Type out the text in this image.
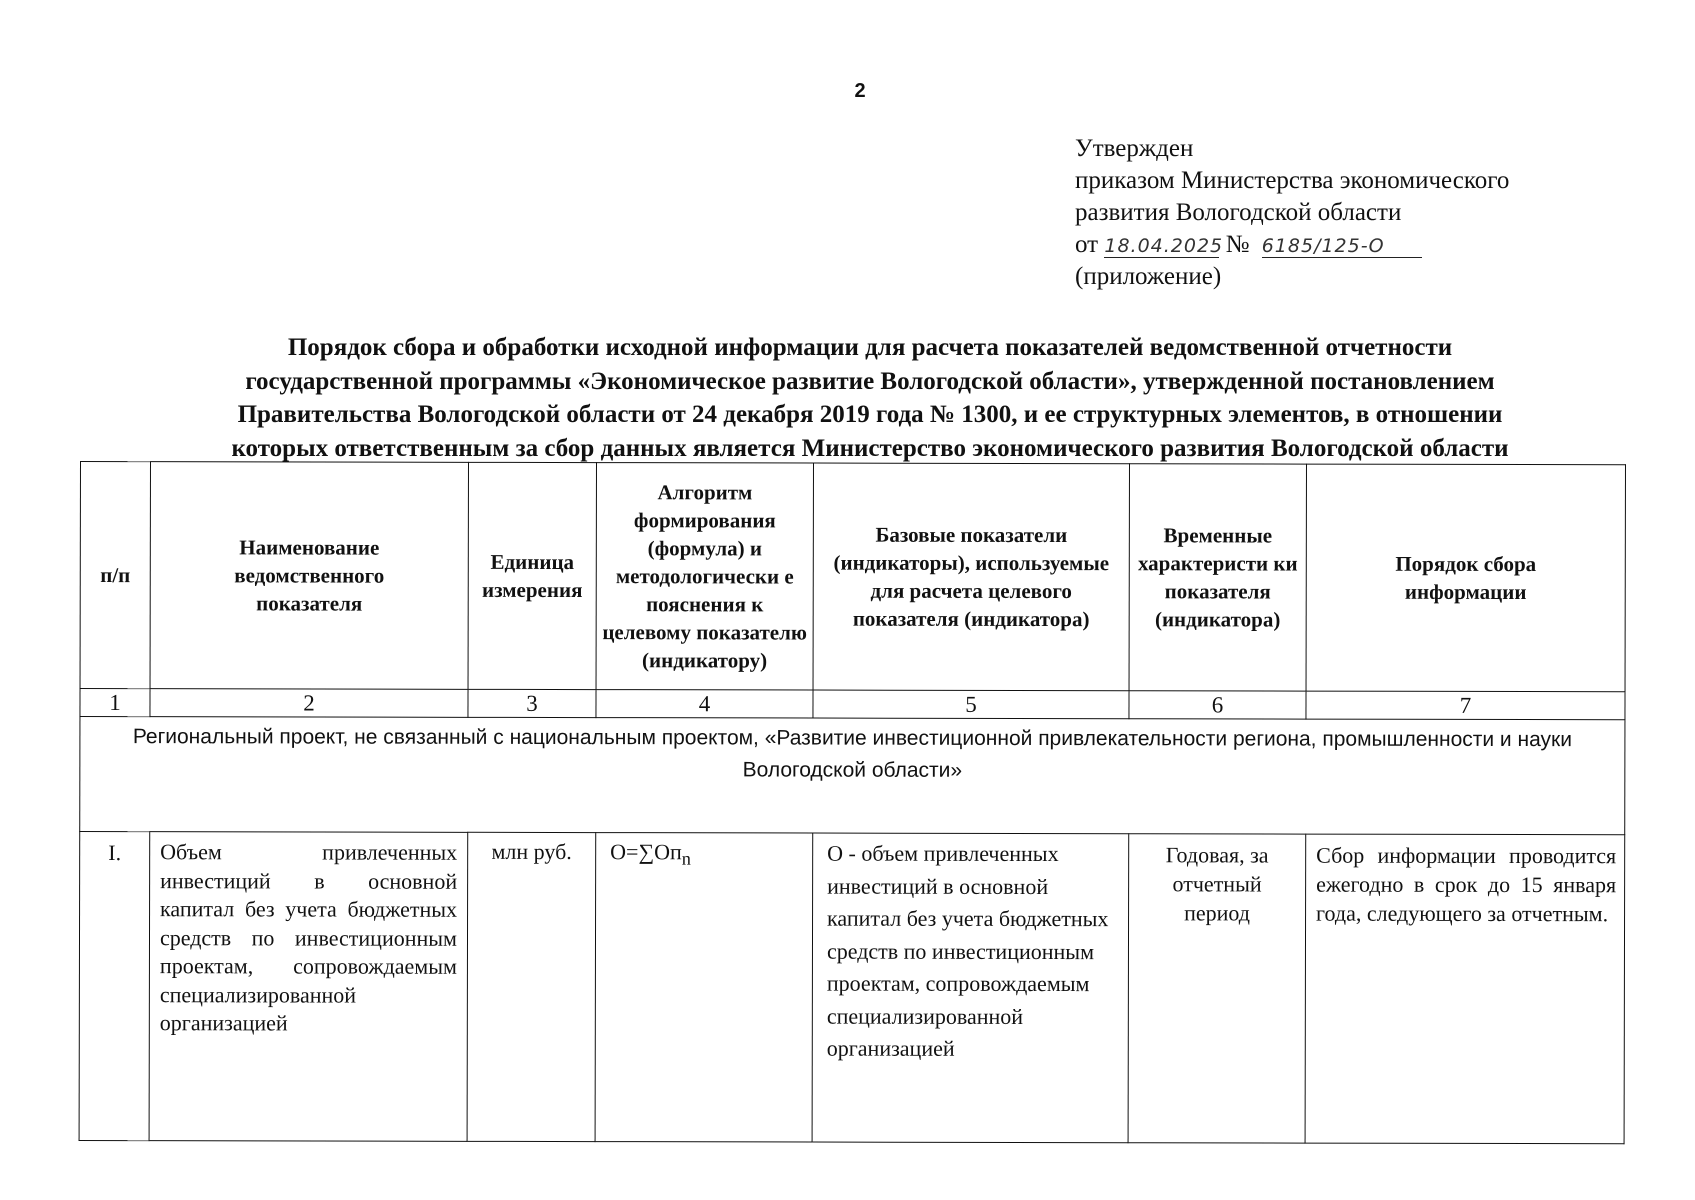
2
Утвержден
приказом Министерства экономического
развития Вологодской области
от 18.04.2025 № 6185/125-О
(приложение)
Порядок сбора и обработки исходной информации для расчета показателей ведомственной отчетности
государственной программы «Экономическое развитие Вологодской области», утвержденной постановлением
Правительства Вологодской области от 24 декабря 2019 года № 1300, и ее структурных элементов, в отношении
которых ответственным за сбор данных является Министерство экономического развития Вологодской области
п/п	Наименование ведомственного показателя	Единица измерения	Алгоритм формирования (формула) и методологически е пояснения к целевому показателю (индикатору)	Базовые показатели (индикаторы), используемые для расчета целевого показателя (индикатора)	Временные характеристи ки показателя (индикатора)	Порядок сбора информации
1	2	3	4	5	6	7
Региональный проект, не связанный с национальным проектом, «Развитие инвестиционной привлекательности региона, промышленности и науки Вологодской области»						
I.	Объем привлеченных инвестиций в основной капитал без учета бюджетных средств по инвестиционным проектам, сопровождаемым специализированной организацией	млн руб.	$О=\sum Оп_n$	О - объем привлеченных инвестиций в основной капитал без учета бюджетных средств по инвестиционным проектам, сопровождаемым специализированной организацией	Годовая, за отчетный период	Сбор информации проводится ежегодно в срок до 15 января года, следующего за отчетным.
